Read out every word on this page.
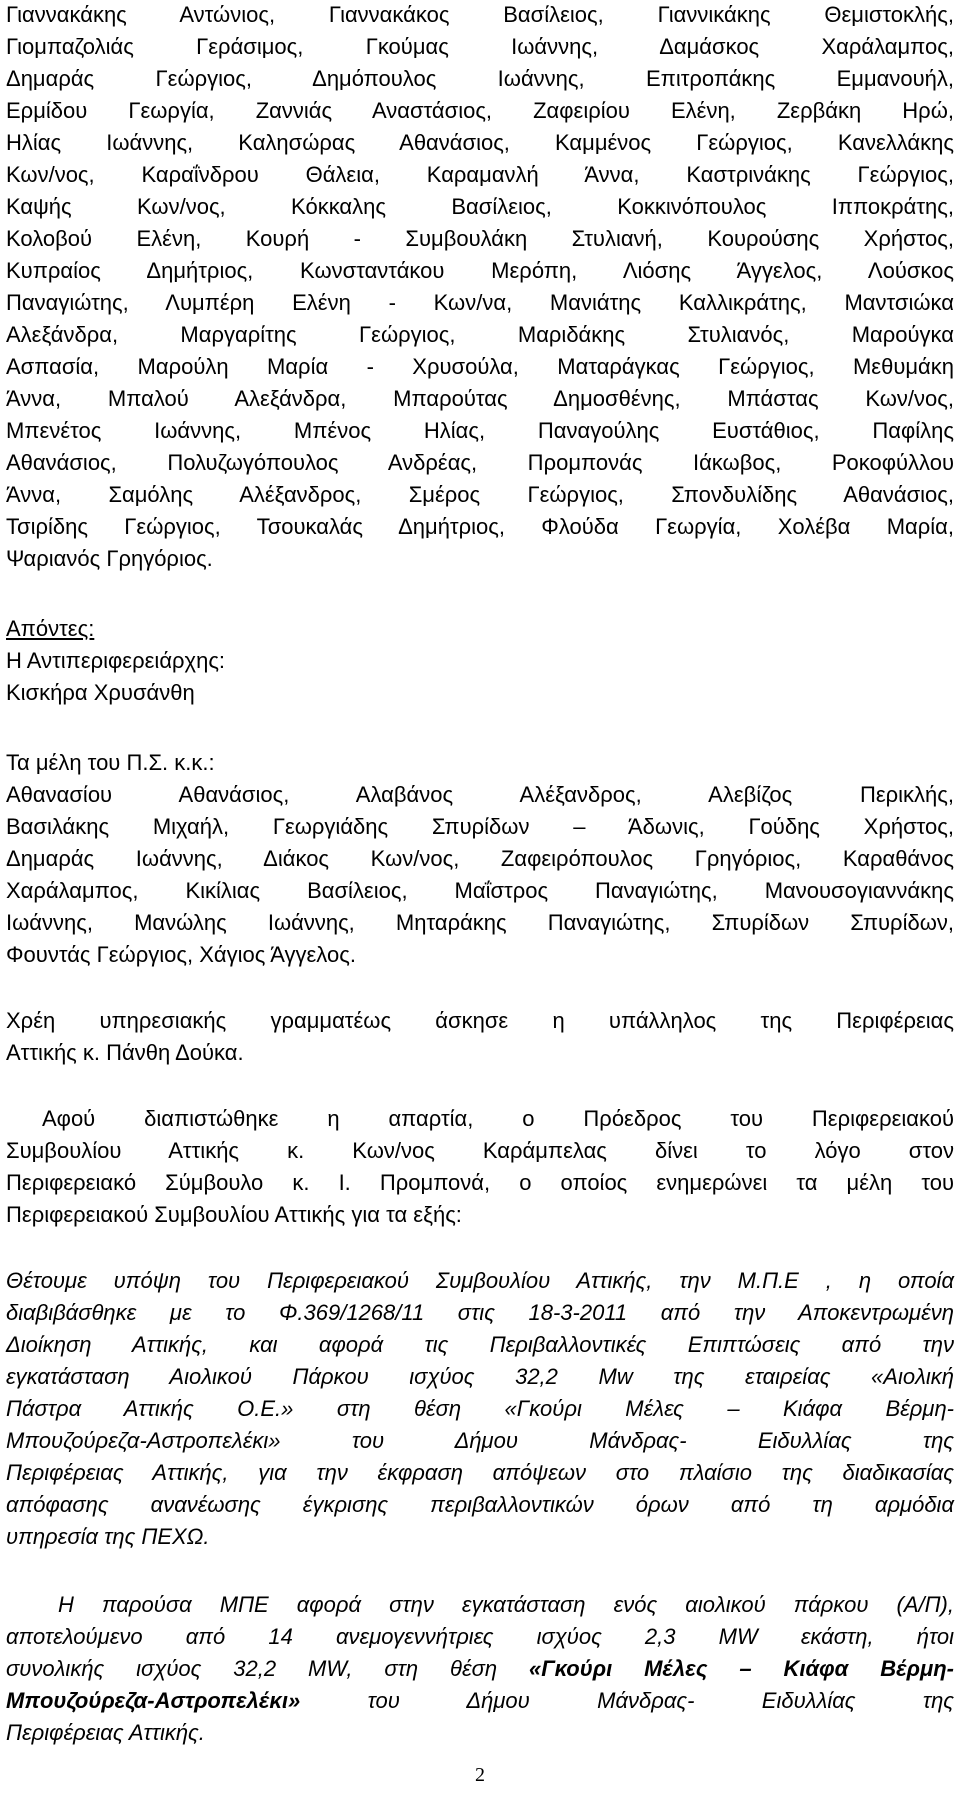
Γιαννακάκης Αντώνιος, Γιαννακάκος Βασίλειος, Γιαννικάκης Θεμιστοκλής,
Γιομπαζολιάς Γεράσιμος, Γκούμας Ιωάννης, Δαμάσκος Χαράλαμπος,
Δημαράς Γεώργιος, Δημόπουλος Ιωάννης, Επιτροπάκης Εμμανουήλ,
Ερμίδου Γεωργία, Ζαννιάς Αναστάσιος, Ζαφειρίου Ελένη, Ζερβάκη Ηρώ,
Ηλίας Ιωάννης, Καλησώρας Αθανάσιος, Καμμένος Γεώργιος, Κανελλάκης
Κων/νος, Καραΐνδρου Θάλεια, Καραμανλή Άννα, Καστρινάκης Γεώργιος,
Καψής Κων/νος, Κόκκαλης Βασίλειος, Κοκκινόπουλος Ιπποκράτης,
Κολοβού Ελένη, Κουρή - Συμβουλάκη Στυλιανή, Κουρούσης Χρήστος,
Κυπραίος Δημήτριος, Κωνσταντάκου Μερόπη, Λιόσης Άγγελος, Λούσκος
Παναγιώτης, Λυμπέρη Ελένη - Κων/να, Μανιάτης Καλλικράτης, Μαντσιώκα
Αλεξάνδρα, Μαργαρίτης Γεώργιος, Μαριδάκης Στυλιανός, Μαρούγκα
Ασπασία, Μαρούλη Μαρία - Χρυσούλα, Ματαράγκας Γεώργιος, Μεθυμάκη
Άννα, Μπαλού Αλεξάνδρα, Μπαρούτας Δημοσθένης, Μπάστας Κων/νος,
Μπενέτος Ιωάννης, Μπένος Ηλίας, Παναγούλης Ευστάθιος, Παφίλης
Αθανάσιος, Πολυζωγόπουλος Ανδρέας, Προμπονάς Ιάκωβος, Ροκοφύλλου
Άννα, Σαμόλης Αλέξανδρος, Σμέρος Γεώργιος, Σπονδυλίδης Αθανάσιος,
Τσιρίδης Γεώργιος, Τσουκαλάς Δημήτριος, Φλούδα Γεωργία, Χολέβα Μαρία,
Ψαριανός Γρηγόριος.
Απόντες:
Η Αντιπεριφερειάρχης:
Κισκήρα Χρυσάνθη
Τα μέλη του Π.Σ. κ.κ.:
Αθανασίου Αθανάσιος, Αλαβάνος Αλέξανδρος, Αλεβίζος Περικλής,
Βασιλάκης Μιχαήλ, Γεωργιάδης Σπυρίδων – Άδωνις, Γούδης Χρήστος,
Δημαράς Ιωάννης, Διάκος Κων/νος, Ζαφειρόπουλος Γρηγόριος, Καραθάνος
Χαράλαμπος, Κικίλιας Βασίλειος, Μαΐστρος Παναγιώτης, Μανουσογιαννάκης
Ιωάννης, Μανώλης Ιωάννης, Μηταράκης Παναγιώτης, Σπυρίδων Σπυρίδων,
Φουντάς Γεώργιος, Χάγιος Άγγελος.
Χρέη υπηρεσιακής γραμματέως άσκησε η υπάλληλος της Περιφέρειας
Αττικής κ. Πάνθη Δούκα.
Αφού διαπιστώθηκε η απαρτία, ο Πρόεδρος του Περιφερειακού
Συμβουλίου Αττικής κ. Κων/νος Καράμπελας δίνει το λόγο στον
Περιφερειακό Σύμβουλο κ. Ι. Προμπονά, ο οποίος ενημερώνει τα μέλη του
Περιφερειακού Συμβουλίου Αττικής για τα εξής:
Θέτουμε υπόψη του Περιφερειακού Συμβουλίου Αττικής, την Μ.Π.Ε , η οποία
διαβιβάσθηκε με το Φ.369/1268/11 στις 18-3-2011 από την Αποκεντρωμένη
Διοίκηση Αττικής, και αφορά τις Περιβαλλοντικές Επιπτώσεις από την
εγκατάσταση Αιολικού Πάρκου ισχύος 32,2 Mw της εταιρείας «Αιολική
Πάστρα Αττικής Ο.Ε.» στη θέση «Γκούρι Μέλες – Κιάφα Βέρμη-
Μπουζούρεζα-Αστροπελέκι» του Δήμου Μάνδρας- Ειδυλλίας της
Περιφέρειας Αττικής, για την έκφραση απόψεων στο πλαίσιο της διαδικασίας
απόφασης ανανέωσης έγκρισης περιβαλλοντικών όρων από τη αρμόδια
υπηρεσία της ΠΕΧΩ.
Η παρούσα ΜΠΕ αφορά στην εγκατάσταση ενός αιολικού πάρκου (Α/Π),
αποτελούμενο από 14 ανεμογεννήτριες ισχύος 2,3 MW εκάστη, ήτοι
συνολικής ισχύος 32,2 MW, στη θέση «Γκούρι Μέλες – Κιάφα Βέρμη-
Μπουζούρεζα-Αστροπελέκι» του Δήμου Μάνδρας- Ειδυλλίας της
Περιφέρειας Αττικής.
2
